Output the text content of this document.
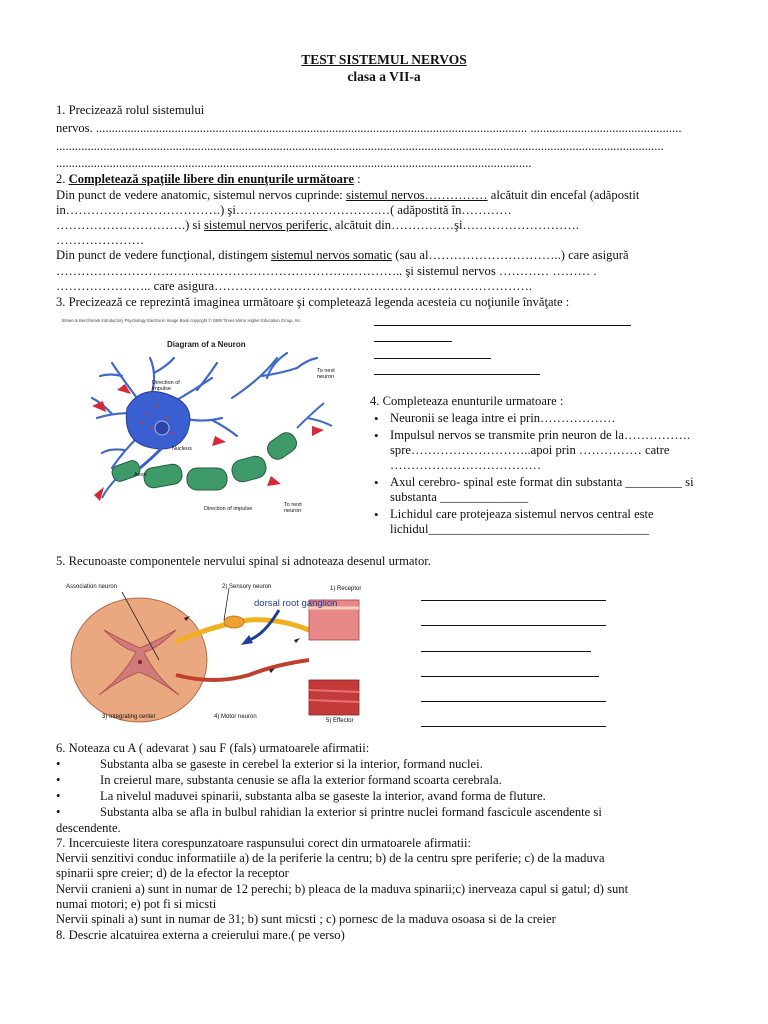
TEST SISTEMUL NERVOS
clasa a VII-a
1. Precizează rolul sistemului
nervos. ......................................................................................................................................... ................................................
.................................................................................................................................................................................................
.......................................................................................................................................................
2. Completează spaţiile libere din enunţurile următoare :
Din punct de vedere anatomic, sistemul nervos cuprinde: sistemul nervos…………… alcătuit din encefal (adăpostit
in……………………………….) şi…………………………….…( adăpostită în…………
………………………….) si sistemul nervos periferic, alcătuit din……………şi……………………….
…………………
Din punct de vedere funcţional, distingem sistemul nervos somatic (sau al…………………………..) care asigură
……………………………………………………………………….. şi sistemul nervos ………… ……… .
………………….. care asigura………………………………………………………………….
3. Precizează ce reprezintă imaginea următoare şi completează legenda acesteia cu noţiunile învăţate :
Brown & Benchmark Introductory Psychology Electronic Image Bank copyright © 1995 Times Mirror Higher Education Group, Inc.
Diagram of a Neuron
Direction of impulse
To next neuron
Nucleus
Axon
Direction of impulse
To next neuron
4. Completeaza enunturile urmatoare :
• Neuronii se leaga intre ei prin………………
• Impulsul nervos se transmite prin neuron de la……………. spre………………………..apoi prin …………… catre ………………………………
• Axul cerebro- spinal este format din substanta _________ si substanta ______________
• Lichidul care protejeaza sistemul nervos central este lichidul___________________________________
5. Recunoaste componentele nervului spinal si adnoteaza desenul urmator.
Association neuron	2) Sensory neuron
dorsal root ganglion
1) Receptor
3) Integrating center	4) Motor neuron
5) Effector
6. Noteaza cu A ( adevarat ) sau F (fals) urmatoarele afirmatii:
•	Substanta alba se gaseste in cerebel la exterior si la interior, formand nuclei.
•	In creierul mare, substanta cenusie se afla la exterior formand scoarta cerebrala.
•	La nivelul maduvei spinarii, substanta alba se gaseste la interior, avand forma de fluture.
•	Substanta alba se afla in bulbul rahidian la exterior si printre nuclei formand fascicule ascendente si
descendente.
7. Incercuieste litera corespunzatoare raspunsului corect din urmatoarele afirmatii:
Nervii senzitivi conduc informatiile a) de la periferie la centru; b) de la centru spre periferie; c) de la maduva
spinarii spre creier; d) de la efector la receptor
Nervii cranieni a) sunt in numar de 12 perechi; b) pleaca de la maduva spinarii;c) inerveaza capul si gatul; d) sunt
numai motori; e) pot fi si micsti
Nervii spinali a) sunt in numar de 31; b) sunt micsti ; c) pornesc de la maduva osoasa si de la creier
8. Descrie alcatuirea externa a creierului mare.( pe verso)
